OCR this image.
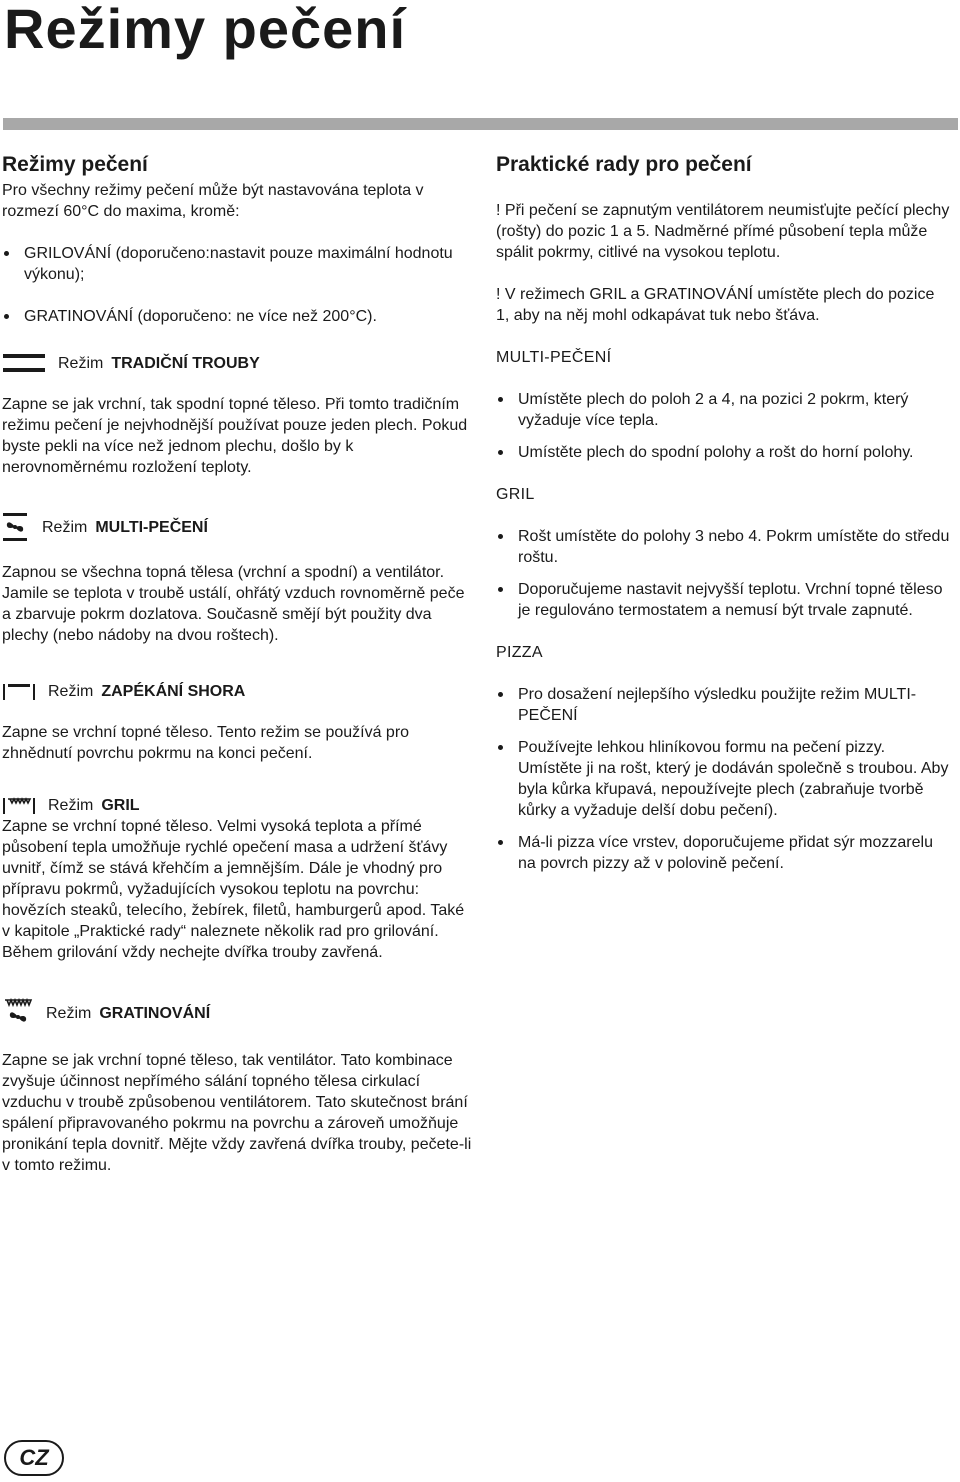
Režimy pečení

Režimy pečení

Pro všechny režimy pečení může být nastavována teplota v rozmezí 60°C do maxima, kromě:

GRILOVÁNÍ (doporučeno:nastavit pouze maximální hodnotu výkonu);
GRATINOVÁNÍ (doporučeno: ne více než 200°C).
Režim TRADIČNÍ TROUBY

Zapne se jak vrchní, tak spodní topné těleso. Při tomto tradičním režimu pečení je nejvhodnější používat pouze jeden plech. Pokud byste pekli na více než jednom plechu, došlo by k nerovnoměrnému rozložení teploty.

Režim MULTI-PEČENÍ

Zapnou se všechna topná tělesa (vrchní a spodní) a ventilátor. Jamile se teplota v troubě ustálí, ohřátý vzduch rovnoměrně peče a zbarvuje pokrm dozlatova. Současně smějí být použity dva plechy (nebo nádoby na dvou roštech).

Režim ZAPÉKÁNÍ SHORA

Zapne se vrchní topné těleso. Tento režim se používá pro zhnědnutí povrchu pokrmu na konci pečení.

Režim GRIL

Zapne se vrchní topné těleso. Velmi vysoká teplota a přímé působení tepla umožňuje rychlé opečení masa a udržení šťávy uvnitř, čímž se stává křehčím a jemnějším. Dále je vhodný pro přípravu pokrmů, vyžadujících vysokou teplotu na povrchu: hovězích steaků, telecího, žebírek, filetů, hamburgerů apod. Také v kapitole „Praktické rady“ naleznete několik rad pro grilování. Během grilování vždy nechejte dvířka trouby zavřená.

Režim GRATINOVÁNÍ

Zapne se jak vrchní topné těleso, tak ventilátor. Tato kombinace zvyšuje účinnost nepřímého sálání topného tělesa cirkulací vzduchu v troubě způsobenou ventilátorem. Tato skutečnost brání spálení připravovaného pokrmu na povrchu a zároveň umožňuje pronikání tepla dovnitř. Mějte vždy zavřená dvířka trouby, pečete-li v tomto režimu.

Praktické rady pro pečení

! Při pečení se zapnutým ventilátorem neumisťujte pečící plechy (rošty) do pozic 1 a 5. Nadměrné přímé působení tepla může spálit pokrmy, citlivé na vysokou teplotu.

! V režimech GRIL a GRATINOVÁNÍ umístěte plech do pozice 1, aby na něj mohl odkapávat tuk nebo šťáva.

MULTI-PEČENÍ

Umístěte plech do poloh 2 a 4, na pozici 2 pokrm, který vyžaduje více tepla.
Umístěte plech do spodní polohy a rošt do horní polohy.

GRIL

Rošt umístěte do polohy 3 nebo 4. Pokrm umístěte do středu roštu.
Doporučujeme nastavit nejvyšší teplotu. Vrchní topné těleso je regulováno termostatem a nemusí být trvale zapnuté.

PIZZA

Pro dosažení nejlepšího výsledku použijte režim MULTI-PEČENÍ
Používejte lehkou hliníkovou formu na pečení pizzy. Umístěte ji na rošt, který je dodáván společně s troubou. Aby byla kůrka křupavá, nepoužívejte plech (zabraňuje tvorbě kůrky a vyžaduje delší dobu pečení).
Má-li pizza více vrstev, doporučujeme přidat sýr mozzarelu na povrch pizzy až v polovině pečení.
CZ
